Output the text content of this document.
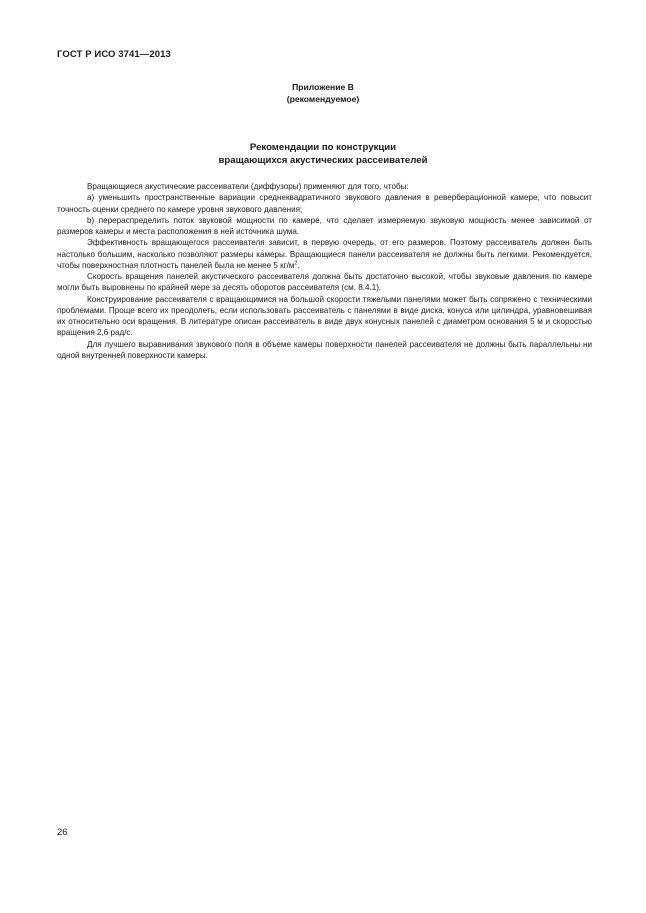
ГОСТ Р ИСО 3741—2013
Приложение В
(рекомендуемое)
Рекомендации по конструкции
вращающихся акустических рассеивателей

Вращающиеся акустические рассеиватели (диффузоры) применяют для того, чтобы:

а) уменьшить пространственные вариации среднеквадратичного звукового давления в реверберационной камере, что повысит точность оценки среднего по камере уровня звукового давления;

b) перераспределить поток звуковой мощности по камере, что сделает измеряемую звуковую мощность менее зависимой от размеров камеры и места расположения в ней источника шума.

Эффективность вращающегося рассеивателя зависит, в первую очередь, от его размеров. Поэтому рассеиватель должен быть настолько большим, насколько позволяют размеры камеры. Вращающиеся панели рассеивателя не должны быть легкими. Рекомендуется, чтобы поверхностная плотность панелей была не менее 5 $кг/м^2$.

Скорость вращения панелей акустического рассеивателя должна быть достаточно высокой, чтобы звуковые давления по камере могли быть выровнены по крайней мере за десять оборотов рассеивателя (см. 8.4.1).

Конструирование рассеивателя с вращающимися на большой скорости тяжелыми панелями может быть сопряжено с техническими проблемами. Проще всего их преодолеть, если использовать рассеиватель с панелями в виде диска, конуса или цилиндра, уравновешивая их относительно оси вращения. В литературе описан рассеиватель в виде двух конусных панелей с диаметром основания 5 м и скоростью вращения 2,6 рад/с.

Для лучшего выравнивания звукового поля в объеме камеры поверхности панелей рассеивателя не должны быть параллельны ни одной внутренней поверхности камеры.

26
